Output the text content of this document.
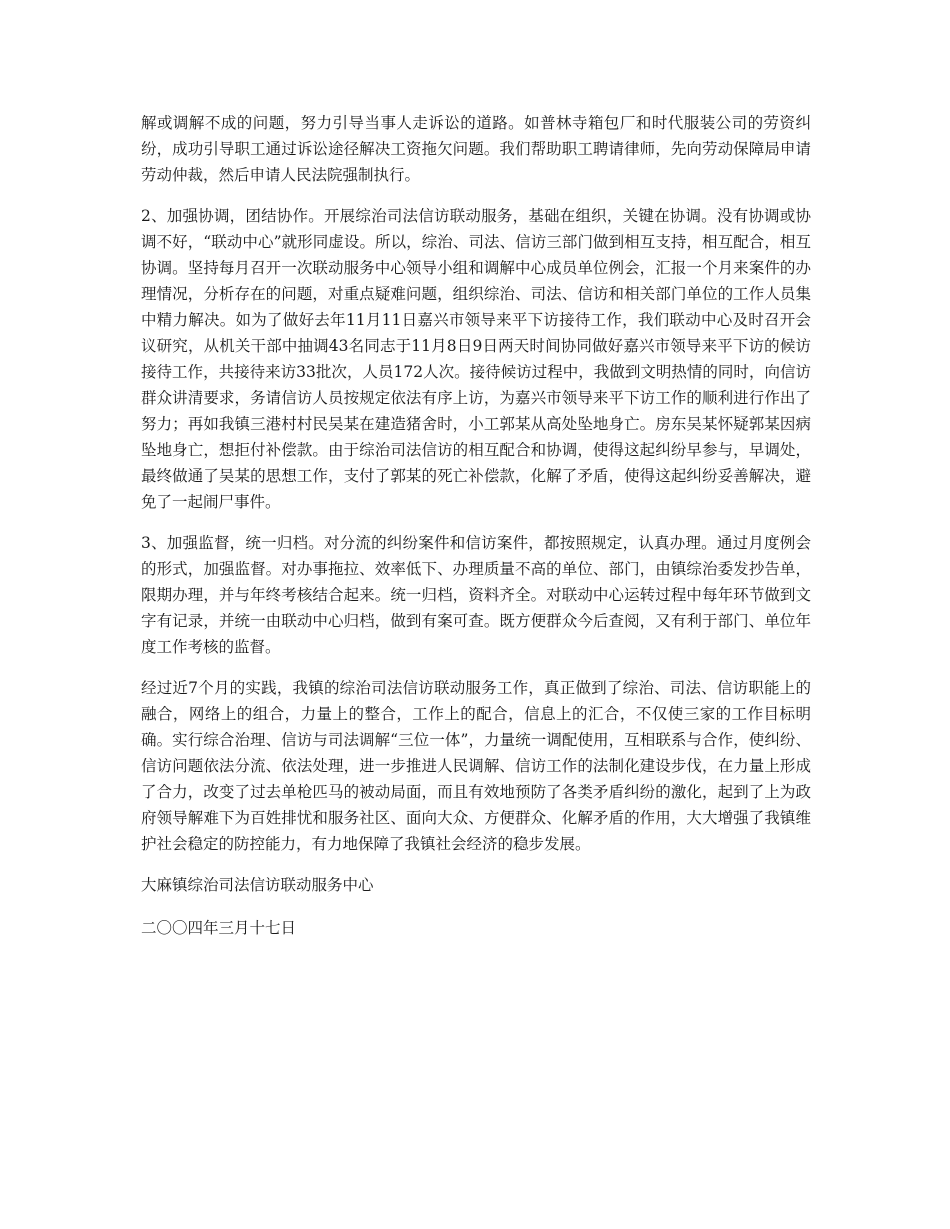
解或调解不成的问题，努力引导当事人走诉讼的道路。如普林寺箱包厂和时代服装公司的劳资纠纷，成功引导职工通过诉讼途径解决工资拖欠问题。我们帮助职工聘请律师，先向劳动保障局申请劳动仲裁，然后申请人民法院强制执行。

2、加强协调，团结协作。开展综治司法信访联动服务，基础在组织，关键在协调。没有协调或协调不好，“联动中心”就形同虚设。所以，综治、司法、信访三部门做到相互支持，相互配合，相互协调。坚持每月召开一次联动服务中心领导小组和调解中心成员单位例会，汇报一个月来案件的办理情况，分析存在的问题，对重点疑难问题，组织综治、司法、信访和相关部门单位的工作人员集中精力解决。如为了做好去年11月11日嘉兴市领导来平下访接待工作，我们联动中心及时召开会议研究，从机关干部中抽调43名同志于11月8日9日两天时间协同做好嘉兴市领导来平下访的候访接待工作，共接待来访33批次，人员172人次。接待候访过程中，我做到文明热情的同时，向信访群众讲清要求，务请信访人员按规定依法有序上访，为嘉兴市领导来平下访工作的顺利进行作出了努力；再如我镇三港村村民吴某在建造猪舍时，小工郭某从高处坠地身亡。房东吴某怀疑郭某因病坠地身亡，想拒付补偿款。由于综治司法信访的相互配合和协调，使得这起纠纷早参与，早调处，最终做通了吴某的思想工作，支付了郭某的死亡补偿款，化解了矛盾，使得这起纠纷妥善解决，避免了一起闹尸事件。

3、加强监督，统一归档。对分流的纠纷案件和信访案件，都按照规定，认真办理。通过月度例会的形式，加强监督。对办事拖拉、效率低下、办理质量不高的单位、部门，由镇综治委发抄告单，限期办理，并与年终考核结合起来。统一归档，资料齐全。对联动中心运转过程中每年环节做到文字有记录，并统一由联动中心归档，做到有案可查。既方便群众今后查阅，又有利于部门、单位年度工作考核的监督。

经过近7个月的实践，我镇的综治司法信访联动服务工作，真正做到了综治、司法、信访职能上的融合，网络上的组合，力量上的整合，工作上的配合，信息上的汇合，不仅使三家的工作目标明确。实行综合治理、信访与司法调解“三位一体”，力量统一调配使用，互相联系与合作，使纠纷、信访问题依法分流、依法处理，进一步推进人民调解、信访工作的法制化建设步伐，在力量上形成了合力，改变了过去单枪匹马的被动局面，而且有效地预防了各类矛盾纠纷的激化，起到了上为政府领导解难下为百姓排忧和服务社区、面向大众、方便群众、化解矛盾的作用，大大增强了我镇维护社会稳定的防控能力，有力地保障了我镇社会经济的稳步发展。

大麻镇综治司法信访联动服务中心

二〇〇四年三月十七日
